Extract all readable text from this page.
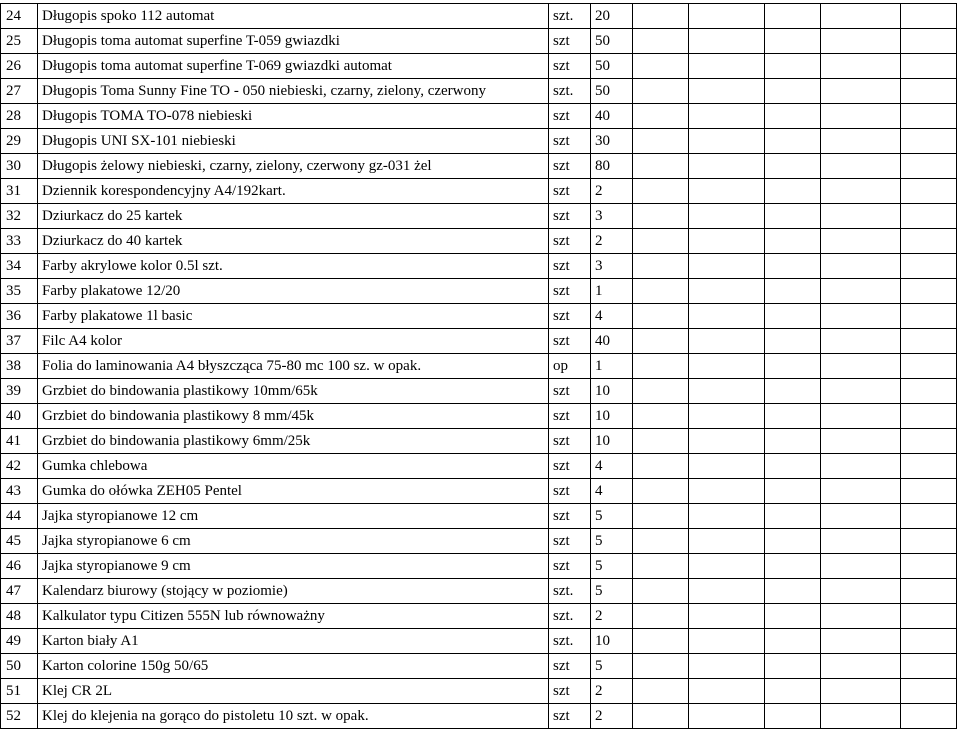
24	Długopis spoko 112 automat	szt.	20					
25	Długopis toma automat superfine T-059 gwiazdki	szt	50					
26	Długopis toma automat superfine T-069 gwiazdki automat	szt	50					
27	Długopis Toma Sunny Fine TO - 050 niebieski, czarny, zielony, czerwony	szt.	50					
28	Długopis TOMA TO-078 niebieski	szt	40					
29	Długopis UNI SX-101 niebieski	szt	30					
30	Długopis żelowy niebieski, czarny, zielony, czerwony gz-031 żel	szt	80					
31	Dziennik korespondencyjny A4/192kart.	szt	2					
32	Dziurkacz do 25 kartek	szt	3					
33	Dziurkacz do 40 kartek	szt	2					
34	Farby akrylowe kolor 0.5l szt.	szt	3					
35	Farby plakatowe 12/20	szt	1					
36	Farby plakatowe 1l basic	szt	4					
37	Filc A4 kolor	szt	40					
38	Folia do laminowania A4 błyszcząca 75-80 mc 100 sz. w opak.	op	1					
39	Grzbiet do bindowania plastikowy 10mm/65k	szt	10					
40	Grzbiet do bindowania plastikowy 8 mm/45k	szt	10					
41	Grzbiet do bindowania plastikowy 6mm/25k	szt	10					
42	Gumka chlebowa	szt	4					
43	Gumka do ołówka ZEH05 Pentel	szt	4					
44	Jajka styropianowe 12 cm	szt	5					
45	Jajka styropianowe 6 cm	szt	5					
46	Jajka styropianowe 9 cm	szt	5					
47	Kalendarz biurowy (stojący w poziomie)	szt.	5					
48	Kalkulator typu Citizen 555N lub równoważny	szt.	2					
49	Karton biały A1	szt.	10					
50	Karton colorine 150g 50/65	szt	5					
51	Klej CR 2L	szt	2					
52	Klej do klejenia na gorąco do pistoletu 10 szt. w opak.	szt	2					
